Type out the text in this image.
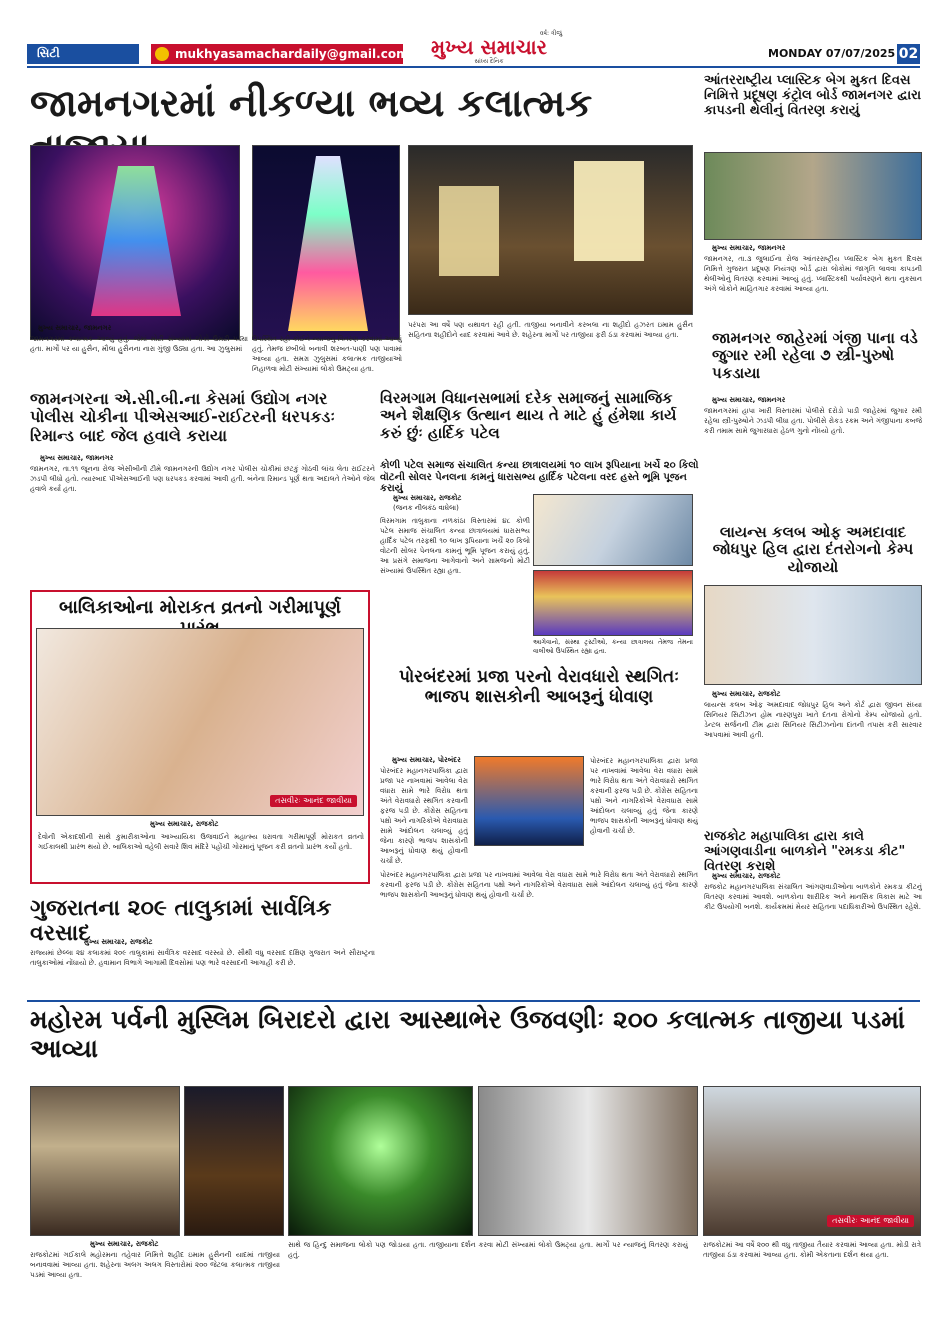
સિટી	mukhyasamachardaily@gmail.com
વર્ષ: ત્રીજું
મુખ્ય સમાચાર
સાંધ્ય દૈનિક
MONDAY 07/07/2025 02
જામનગરમાં નીકળ્યા ભવ્ય કલાત્મક
મુખ્ય સમાચાર, જામનગર
જામનગરમાં કલાત્મક આવ્યું હતું. જેમાં મોટી સંખ્યામાં લોકો ઉમટી પડ્યા હતા. માર્ગો પર યા હુસૈન, મૌલા હુસૈનના નારા ગુંજી ઉઠ્યા હતા. આ ઝુલુસમાં
ઉપસ્થિત રહી કોઈને ન્યાજનું વિતરણ કરવામાં આવ્યું હતું. તેમજ છબીલો બનાવી શરબત-પાણી પણ પાવામાં આવ્યા હતા. સમગ્ર ઝુલુસમાં કલાત્મક તાજીયાઓ નિહાળવા મોટી સંખ્યામાં લોકો ઉમટ્યા હતા.
પરંપરા આ વર્ષે પણ યથાવત રહી હતી. તાજીયા બનાવીને કરબલા ના શહીદો હઝરત ઇમામ હુસૈન સહિતના શહીદોને યાદ કરવામાં આવે છે. શહેરના માર્ગો પર તાજીયા ફરી ઠંડા કરવામાં આવ્યા હતા.
આંતરરાષ્ટ્રીય પ્લાસ્ટિક બેગ મુકત દિવસ નિમિત્તે પ્રદૂષણ કંટ્રોલ બોર્ડ જામનગર દ્વારા કાપડની થેલીનું વિતરણ કરાયું
મુખ્ય સમાચાર, જામનગર
જામનગર, તા.૩ જુલાઈના રોજ આંતરરાષ્ટ્રીય પ્લાસ્ટિક બેગ મુકત દિવસ નિમિત્તે ગુજરાત પ્રદૂષણ નિયંત્રણ બોર્ડ દ્વારા લોકોમાં જાગૃતિ લાવવા કાપડની થેલીઓનું વિતરણ કરવામાં આવ્યું હતું. પ્લાસ્ટિકથી પર્યાવરણને થતા નુકસાન અંગે લોકોને માહિતગાર કરવામાં આવ્યા હતા.
જામનગર જાહેરમાં ગંજી પાના વડે જુગાર રમી રહેલા ૭ સ્ત્રી-પુરુષો પકડાયા
મુખ્ય સમાચાર, જામનગર
જામનગરમાં હાપા ખારી વિસ્તારમાં પોલીસે દરોડો પાડી જાહેરમાં જુગાર રમી રહેલા સ્ત્રી-પુરુષોને ઝડપી લીધા હતા. પોલીસે રોકડ રકમ અને ગંજીપાના કબજે કરી તમામ સામે જુગારધારા હેઠળ ગુનો નોંધ્યો હતો.
જામનગરના એ.સી.બી.ના કેસમાં ઉદ્યોગ નગર પોલીસ ચોકીના પીએસઆઈ-રાઈટરની ધરપકડઃ રિમાન્ડ બાદ જેલ હવાલે કરાયા
મુખ્ય સમાચાર, જામનગર
જામનગર, તા.૧૧ જૂનના રોજ એસીબીની ટીમે જામનગરની ઉદ્યોગ નગર પોલીસ ચોકીમાં છટકું ગોઠવી લાંચ લેતા રાઈટરને ઝડપી લીધો હતો. ત્યારબાદ પીએસઆઈની પણ ધરપકડ કરવામાં આવી હતી. બંનેના રિમાન્ડ પૂર્ણ થતા અદાલતે તેઓને જેલ હવાલે કર્યા હતા.
વિરમગામ વિધાનસભામાં દરેક સમાજનું સામાજિક અને શૈક્ષણિક ઉત્થાન થાય તે માટે હું હંમેશા કાર્ય કરું છુંઃ હાર્દિક પટેલ
કોળી પટેલ સમાજ સંચાલિત કન્યા છાત્રાલયમાં ૧૦ લાખ રૂપિયાના ખર્ચે ૨૦ કિલો વૉટની સોલર પેનલના કામનું ધારાસભ્ય હાર્દિક પટેલના વરદ હસ્તે ભૂમિ પૂજન કરાયું
મુખ્ય સમાચાર, રાજકોટ
(જનક નીલકંઠ વાઘેલા)
વિરમગામ તાલુકાના નળકાંઠા વિસ્તારમાં ૪૮ કોળી પટેલ સમાજ સંચાલિત કન્યા છાત્રાલયમાં ધારાસભ્ય હાર્દિક પટેલ તરફથી ૧૦ લાખ રૂપિયાના ખર્ચે ૨૦ કિલો વોટની સોલર પેનલના કામનું ભૂમિ પૂજન કરાયું હતું. આ પ્રસંગે સમાજના આગેવાનો અને ગ્રામજનો મોટી સંખ્યામાં ઉપસ્થિત રહ્યા હતા.
આગેવાનો, સંસ્થા ટ્રસ્ટીઓ, કન્યા છાત્રાલય તેમજ તેમના વાલીઓ ઉપસ્થિત રહ્યા હતા.
લાયન્સ કલબ ઓફ અમદાવાદ જોધપુર હિલ દ્વારા દંતરોગનો કેમ્પ યોજાયો
મુખ્ય સમાચાર, રાજકોટ
લાયન્સ કલબ ઓફ અમદાવાદ જોધપુર હિલ અને કોર્ટ દ્વારા જીવન સંધ્યા સિનિયર સિટીઝન હોમ નારણપુરા ખાતે દંતના રોગોનો કેમ્પ યોજાયો હતો. ડેન્ટલ સર્જનની ટીમ દ્વારા સિનિયર સિટીઝનોના દાંતની તપાસ કરી સારવાર આપવામાં આવી હતી.
બાલિકાઓના મોરાકત વ્રતનો ગરીમાપૂર્ણ
તસવીરઃ આનંદ જાવીયા
મુખ્ય સમાચાર, રાજકોટ
દેવોની એકાદશીની સાથે કુમારીકાઓના આખ્યાયિકા ઉજવાઈને મહાત્મ્ય ધરાવતા ગરીમાપૂર્ણ મોરાકત વ્રતનો ગઈકાલથી પ્રારંભ થયો છે. બાલિકાઓ વહેલી સવારે શિવ મંદિરે પહોંચી ગોરમાનું પૂજન કરી વ્રતનો પ્રારંભ કર્યો હતો.
પોરબંદરમાં પ્રજા પરનો વેરાવધારો સ્થગિતઃ ભાજપ શાસકોની આબરૂનું ધોવાણ
મુખ્ય સમાચાર, પોરબંદર
પોરબંદર મહાનગરપાલિકા દ્વારા પ્રજા પર નાખવામાં આવેલા વેરા વધારા સામે ભારે વિરોધ થતા અંતે વેરાવધારો સ્થગિત કરવાની ફરજ પડી છે. કોંગ્રેસ સહિતના પક્ષો અને નાગરિકોએ વેરાવધારા સામે આંદોલન ચલાવ્યું હતું જેના કારણે ભાજપ શાસકોની આબરૂનું ધોવાણ થયું હોવાની ચર્ચા છે.
પોરબંદર મહાનગરપાલિકા દ્વારા પ્રજા પર નાખવામાં આવેલા વેરા વધારા સામે ભારે વિરોધ થતા અંતે વેરાવધારો સ્થગિત કરવાની ફરજ પડી છે. કોંગ્રેસ સહિતના પક્ષો અને નાગરિકોએ વેરાવધારા સામે આંદોલન ચલાવ્યું હતું જેના કારણે ભાજપ શાસકોની આબરૂનું ધોવાણ થયું હોવાની ચર્ચા છે.
પોરબંદર મહાનગરપાલિકા દ્વારા પ્રજા પર નાખવામાં આવેલા વેરા વધારા સામે ભારે વિરોધ થતા અંતે વેરાવધારો સ્થગિત કરવાની ફરજ પડી છે. કોંગ્રેસ સહિતના પક્ષો અને નાગરિકોએ વેરાવધારા સામે આંદોલન ચલાવ્યું હતું જેના કારણે ભાજપ શાસકોની આબરૂનું ધોવાણ થયું હોવાની ચર્ચા છે.
રાજકોટ મહાપાલિકા દ્વારા કાલે આંગણવાડીના બાળકોને "રમકડા કીટ" વિતરણ કરાશે
મુખ્ય સમાચાર, રાજકોટ
રાજકોટ મહાનગરપાલિકા સંચાલિત આંગણવાડીઓના બાળકોને રમકડા કીટનું વિતરણ કરવામાં આવશે. બાળકોના શારીરિક અને માનસિક વિકાસ માટે આ કીટ ઉપયોગી બનશે. કાર્યક્રમમાં મેયર સહિતના પદાધિકારીઓ ઉપસ્થિત રહેશે.
ગુજરાતના ૨૦૯ તાલુકામાં સાર્વત્રિક વરસાદ
મુખ્ય સમાચાર, રાજકોટ
રાજ્યમાં છેલ્લા ૨૪ કલાકમાં ૨૦૯ તાલુકામાં સાર્વત્રિક વરસાદ વરસ્યો છે. સૌથી વધુ વરસાદ દક્ષિણ ગુજરાત અને સૌરાષ્ટ્રના તાલુકાઓમાં નોંધાયો છે. હવામાન વિભાગે આગામી દિવસોમાં પણ ભારે વરસાદની આગાહી કરી છે.
મહોરમ પર્વની મુસ્લિમ બિરાદરો દ્વારા આસ્થાભેર ઉજવણીઃ ૨૦૦ કલાત્મક તાજીયા પડમાં આવ્યા
તસવીરઃ આનંદ જાવીયા
મુખ્ય સમાચાર, રાજકોટ
રાજકોટમાં ગઈકાલે મહોરમના તહેવાર નિમિત્તે શહીદ ઇમામ હુસૈનની યાદમાં તાજીયા બનાવવામાં આવ્યા હતા. શહેરના અલગ અલગ વિસ્તારોમાં ૨૦૦ જેટલા કલાત્મક તાજીયા પડમાં આવ્યા હતા.
સાથે જ હિન્દુ સમાજના લોકો પણ જોડાયા હતા. તાજીયાના દર્શન કરવા મોટી સંખ્યામાં લોકો ઉમટ્યા હતા. માર્ગો પર ન્યાજનું વિતરણ કરાયું હતું.
રાજકોટમાં આ વર્ષે ૨૦૦ થી વધુ તાજીયા તૈયાર કરવામાં આવ્યા હતા. મોડી રાત્રે તાજીયા ઠંડા કરવામાં આવ્યા હતા. કોમી એકતાના દર્શન થયા હતા.
